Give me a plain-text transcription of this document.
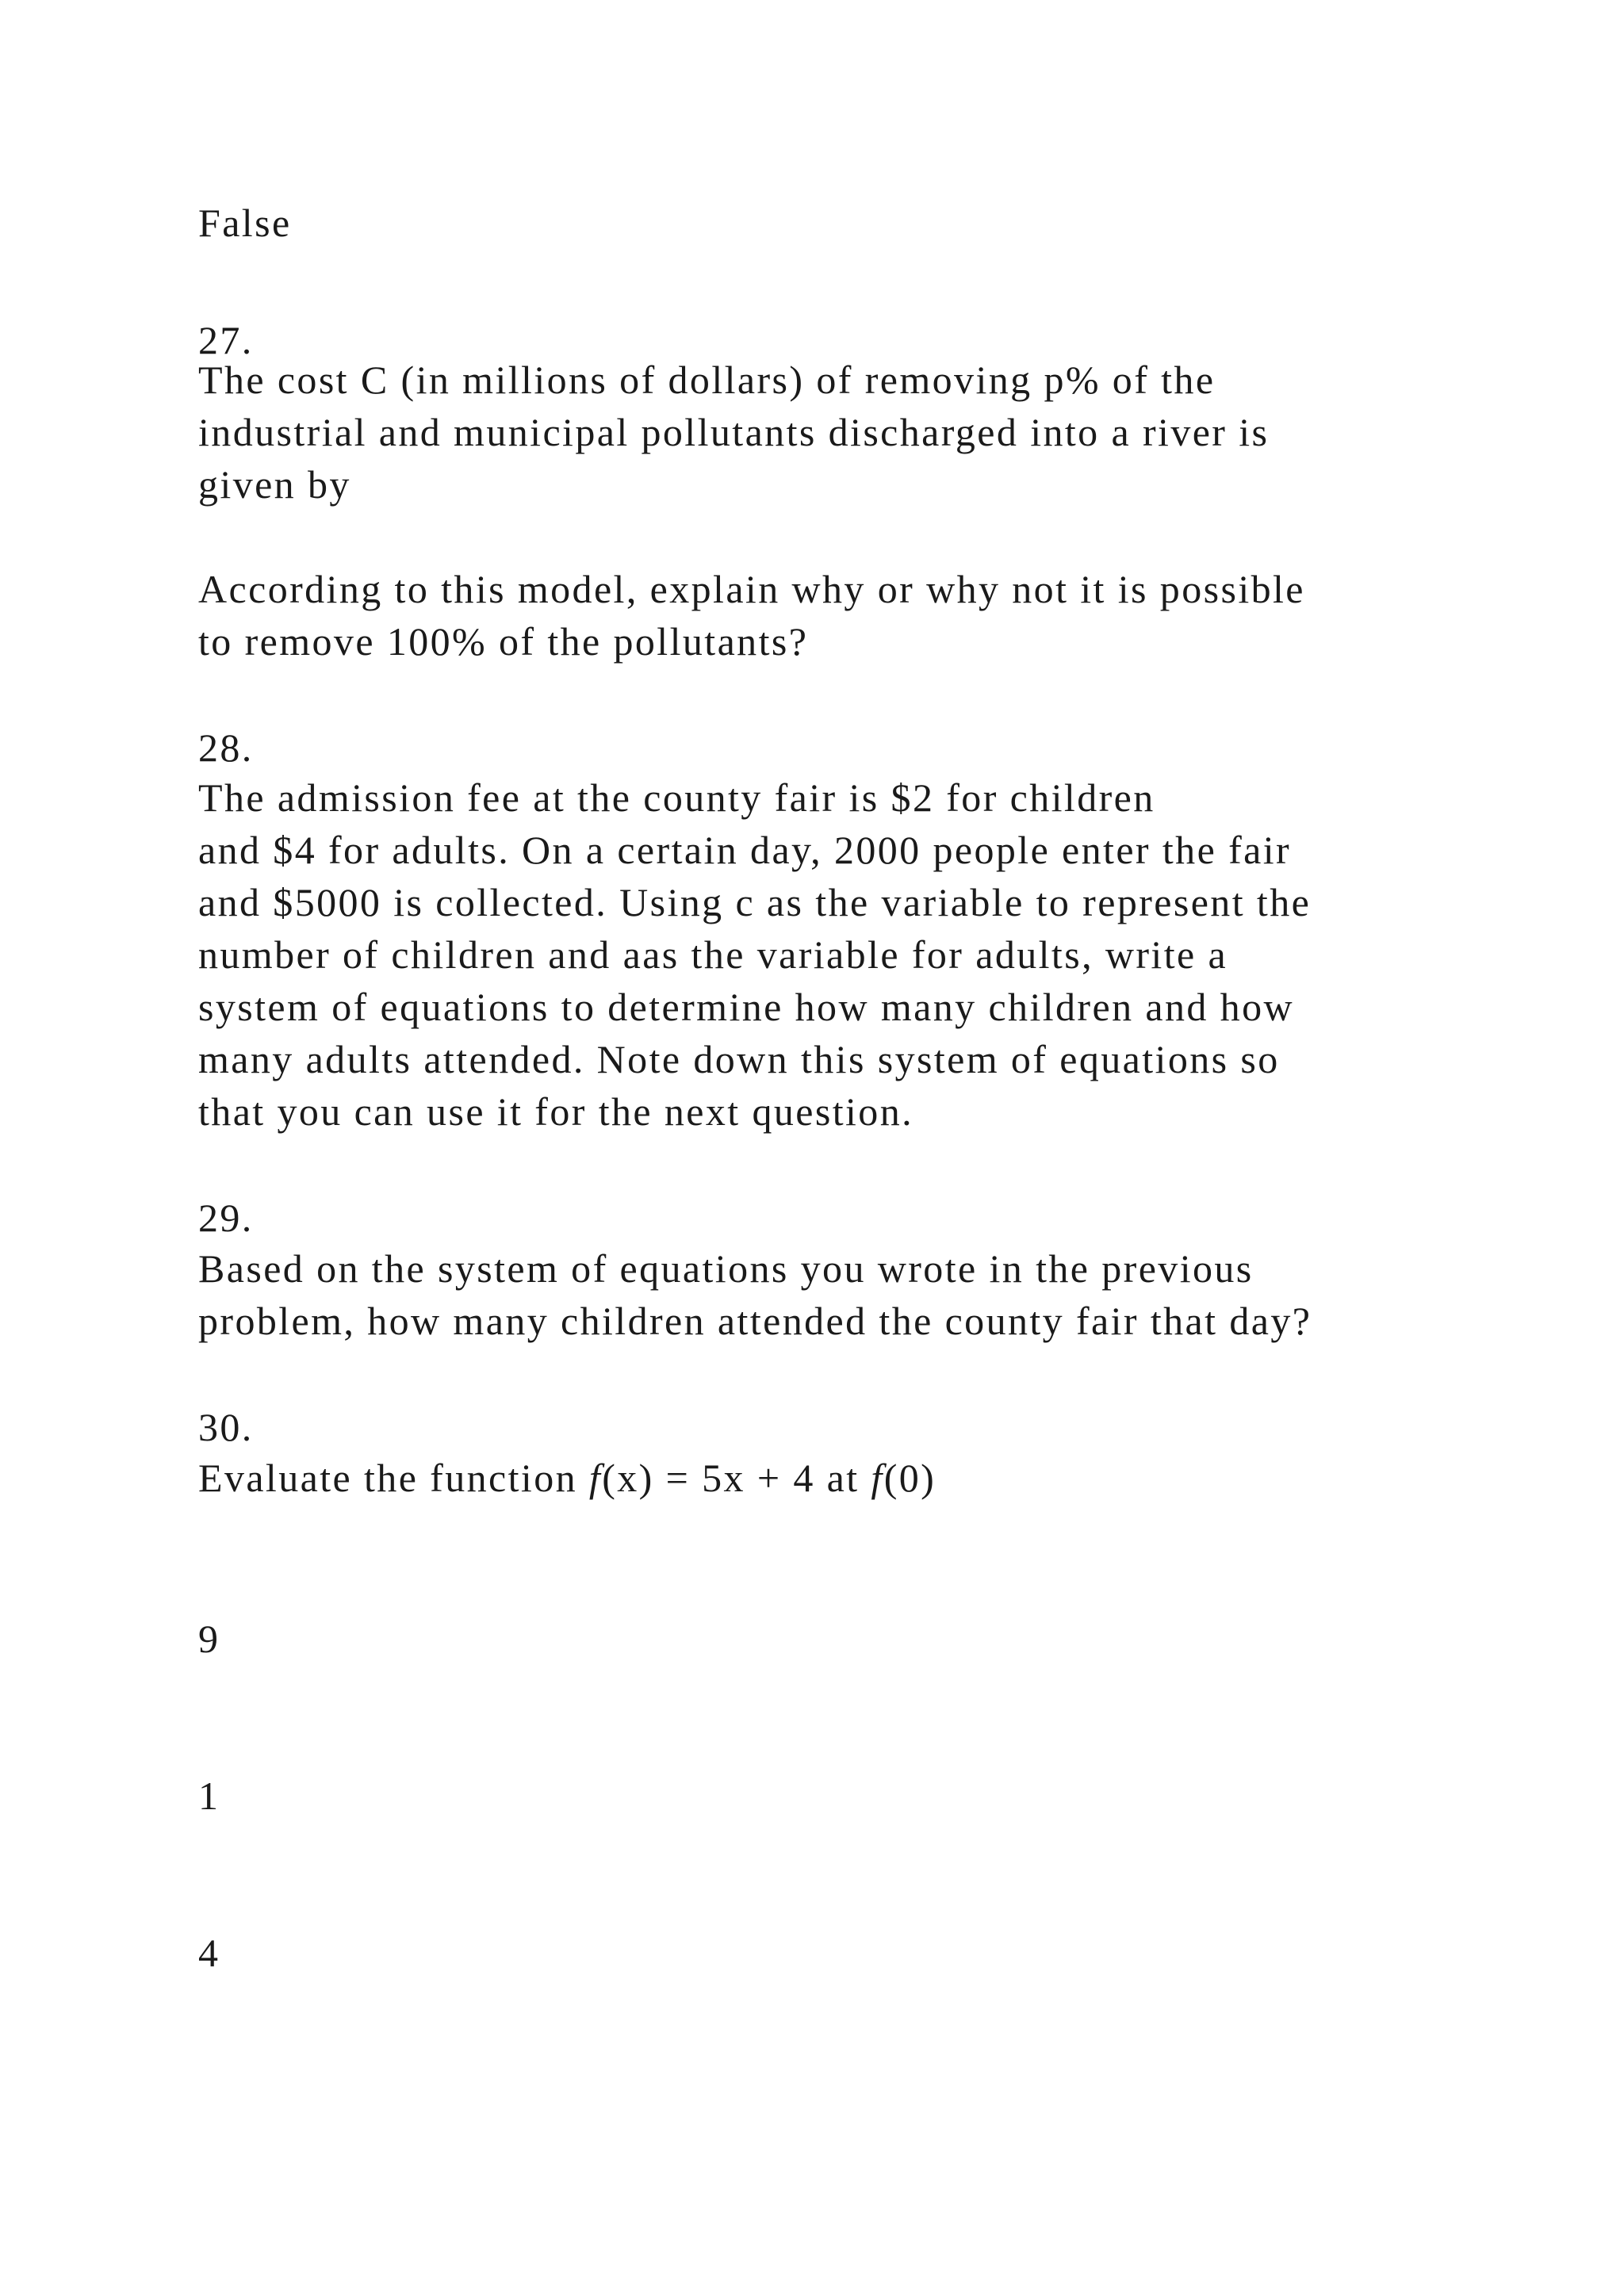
False

27.

The cost C (in millions of dollars) of removing p% of the

industrial and municipal pollutants discharged into a river is

given by

According to this model, explain why or why not it is possible

to remove 100% of the pollutants?

28.

The admission fee at the county fair is $2 for children

and $4 for adults. On a certain day, 2000 people enter the fair

and $5000 is collected. Using c as the variable to represent the

number of children and aas the variable for adults, write a

system of equations to determine how many children and how

many adults attended. Note down this system of equations so

that you can use it for the next question.

29.

Based on the system of equations you wrote in the previous

problem, how many children attended the county fair that day?

30.

Evaluate the function f(x) = 5x + 4 at f(0)

9

1

4
